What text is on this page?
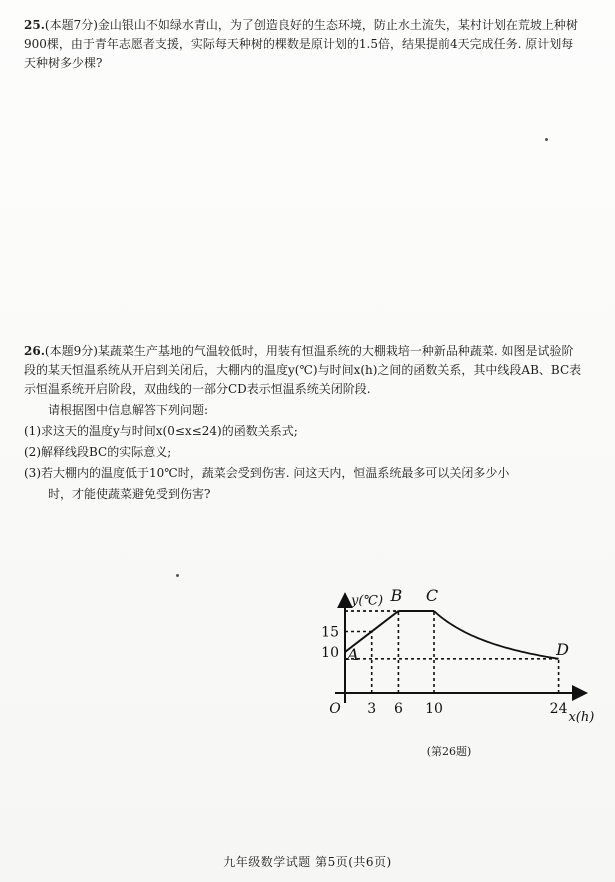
25.(本题7分)金山银山不如绿水青山，为了创造良好的生态环境，防止水土流失，某村计划在荒坡上种树900棵，由于青年志愿者支援，实际每天种树的棵数是原计划的1.5倍，结果提前4天完成任务. 原计划每天种树多少棵?

26.(本题9分)某蔬菜生产基地的气温较低时，用装有恒温系统的大棚栽培一种新品种蔬菜. 如图是试验阶段的某天恒温系统从开启到关闭后，大棚内的温度y(℃)与时间x(h)之间的函数关系，其中线段AB、BC表示恒温系统开启阶段，双曲线的一部分CD表示恒温系统关闭阶段.

请根据图中信息解答下列问题:

(1)求这天的温度y与时间x(0≤x≤24)的函数关系式;

(2)解释线段BC的实际意义;

(3)若大棚内的温度低于10℃时，蔬菜会受到伤害. 问这天内，恒温系统最多可以关闭多少小

时，才能使蔬菜避免受到伤害?

3 6 10	24
10
15
O
x(h)
y(℃)
A
B C
D
(第26题)
九年级数学试题 第5页(共6页)
